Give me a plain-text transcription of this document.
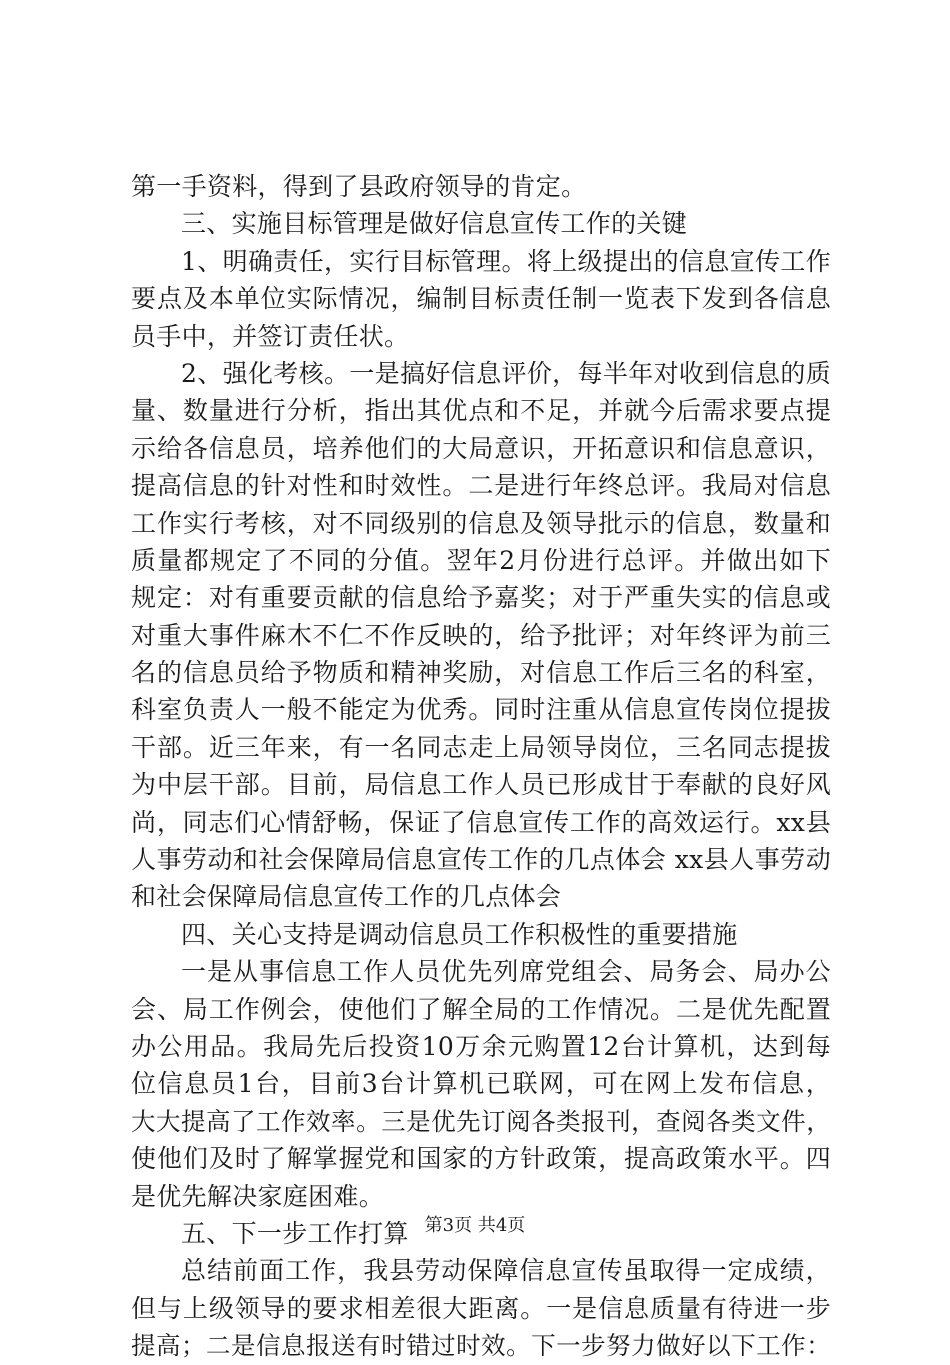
第一手资料，得到了县政府领导的肯定。
三、实施目标管理是做好信息宣传工作的关键
1、明确责任，实行目标管理。将上级提出的信息宣传工作
要点及本单位实际情况，编制目标责任制一览表下发到各信息
员手中，并签订责任状。
2、强化考核。一是搞好信息评价，每半年对收到信息的质
量、数量进行分析，指出其优点和不足，并就今后需求要点提
示给各信息员，培养他们的大局意识，开拓意识和信息意识，
提高信息的针对性和时效性。二是进行年终总评。我局对信息
工作实行考核，对不同级别的信息及领导批示的信息，数量和
质量都规定了不同的分值。翌年2月份进行总评。并做出如下
规定：对有重要贡献的信息给予嘉奖；对于严重失实的信息或
对重大事件麻木不仁不作反映的，给予批评；对年终评为前三
名的信息员给予物质和精神奖励，对信息工作后三名的科室，
科室负责人一般不能定为优秀。同时注重从信息宣传岗位提拔
干部。近三年来，有一名同志走上局领导岗位，三名同志提拔
为中层干部。目前，局信息工作人员已形成甘于奉献的良好风
尚，同志们心情舒畅，保证了信息宣传工作的高效运行。xx县
人事劳动和社会保障局信息宣传工作的几点体会 xx县人事劳动
和社会保障局信息宣传工作的几点体会
四、关心支持是调动信息员工作积极性的重要措施
一是从事信息工作人员优先列席党组会、局务会、局办公
会、局工作例会，使他们了解全局的工作情况。二是优先配置
办公用品。我局先后投资10万余元购置12台计算机，达到每
位信息员1台，目前3台计算机已联网，可在网上发布信息，
大大提高了工作效率。三是优先订阅各类报刊，查阅各类文件，
使他们及时了解掌握党和国家的方针政策，提高政策水平。四
是优先解决家庭困难。
五、下一步工作打算
总结前面工作，我县劳动保障信息宣传虽取得一定成绩，
但与上级领导的要求相差很大距离。一是信息质量有待进一步
提高；二是信息报送有时错过时效。下一步努力做好以下工作：
第3页 共4页
